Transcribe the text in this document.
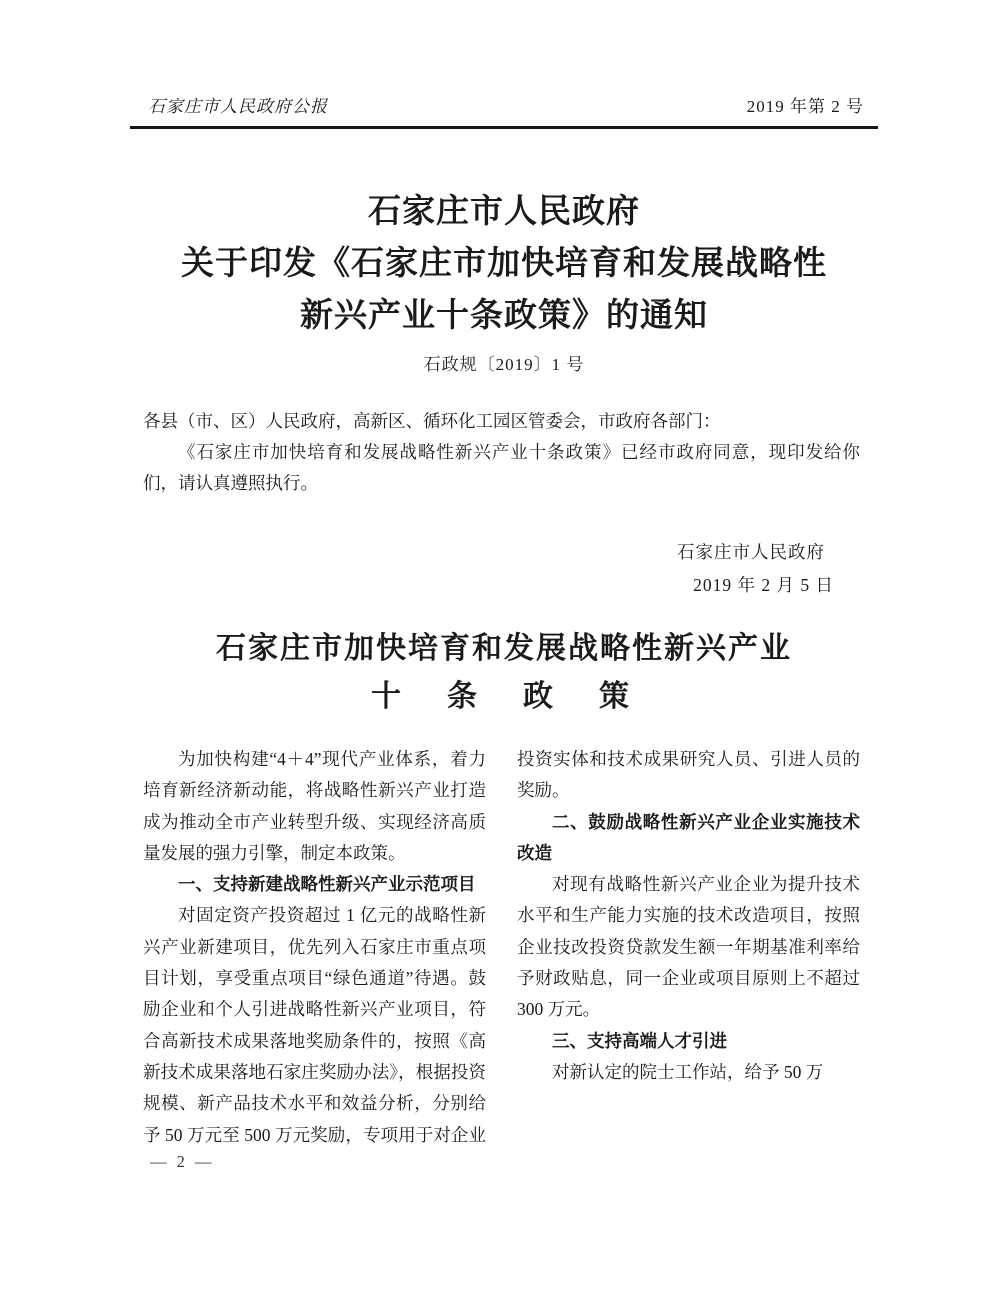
石家庄市人民政府公报	2019 年第 2 号
石家庄市人民政府
关于印发《石家庄市加快培育和发展战略性
新兴产业十条政策》的通知
石政规〔2019〕1 号

各县（市、区）人民政府，高新区、循环化工园区管委会，市政府各部门：

《石家庄市加快培育和发展战略性新兴产业十条政策》已经市政府同意，现印发给你们，请认真遵照执行。

石家庄市人民政府
2019 年 2 月 5 日
石家庄市加快培育和发展战略性新兴产业
十　条　政　策

为加快构建“4＋4”现代产业体系，着力培育新经济新动能，将战略性新兴产业打造成为推动全市产业转型升级、实现经济高质量发展的强力引擎，制定本政策。

一、支持新建战略性新兴产业示范项目

对固定资产投资超过 1 亿元的战略性新兴产业新建项目，优先列入石家庄市重点项目计划，享受重点项目“绿色通道”待遇。鼓励企业和个人引进战略性新兴产业项目，符合高新技术成果落地奖励条件的，按照《高新技术成果落地石家庄奖励办法》，根据投资规模、新产品技术水平和效益分析，分别给予 50 万元至 500 万元奖励，专项用于对企业投资实体和技术成果研究人员、引进人员的奖励。

二、鼓励战略性新兴产业企业实施技术改造

对现有战略性新兴产业企业为提升技术水平和生产能力实施的技术改造项目，按照企业技改投资贷款发生额一年期基准利率给予财政贴息，同一企业或项目原则上不超过 300 万元。

三、支持高端人才引进

对新认定的院士工作站，给予 50 万

— 2 —
